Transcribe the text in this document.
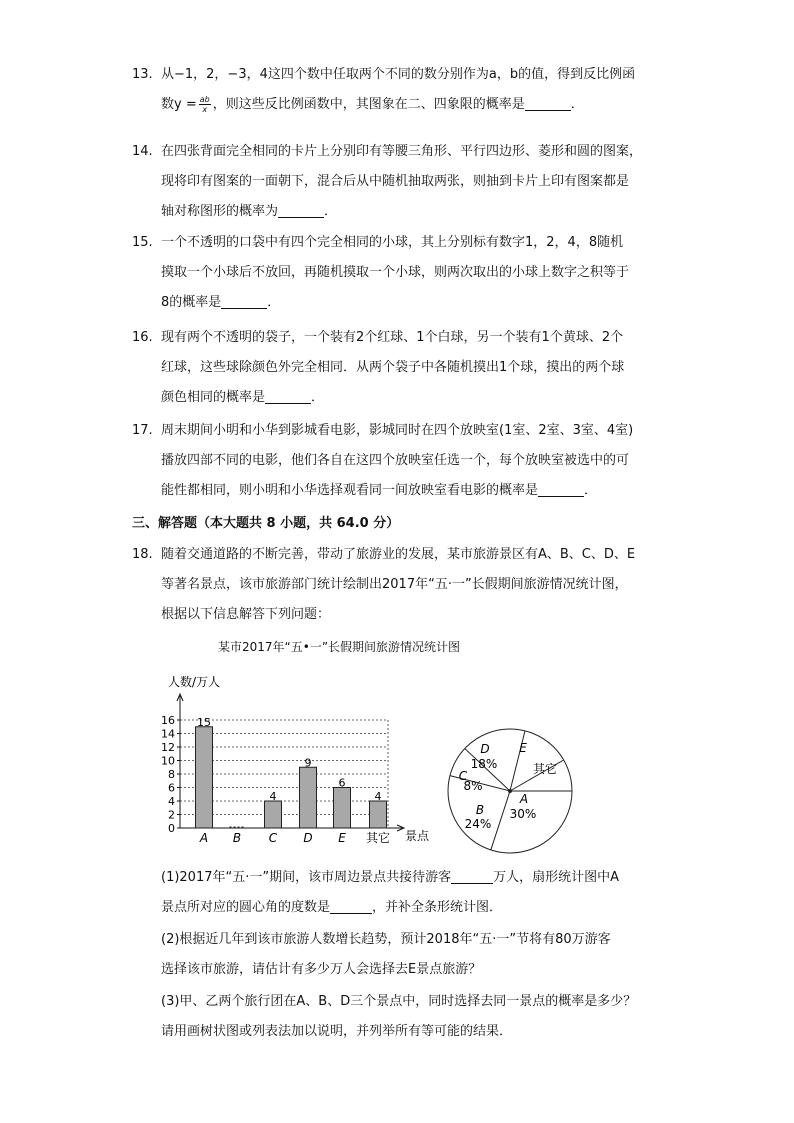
13. 从−1，2，−3，4这四个数中任取两个不同的数分别作为a，b的值，得到反比例函
数$y = \frac{ab}{x}$ ，则这些反比例函数中，其图象在二、四象限的概率是	．
14. 在四张背面完全相同的卡片上分别印有等腰三角形、平行四边形、菱形和圆的图案，
现将印有图案的一面朝下，混合后从中随机抽取两张，则抽到卡片上印有图案都是
轴对称图形的概率为	．
15. 一个不透明的口袋中有四个完全相同的小球，其上分别标有数字1，2，4，8随机
摸取一个小球后不放回，再随机摸取一个小球，则两次取出的小球上数字之积等于
8的概率是	．
16. 现有两个不透明的袋子，一个装有2个红球、1个白球，另一个装有1个黄球、2个
红球，这些球除颜色外完全相同．从两个袋子中各随机摸出1个球，摸出的两个球
颜色相同的概率是	．
17. 周末期间小明和小华到影城看电影，影城同时在四个放映室(1室、2室、3室、4室)
播放四部不同的电影，他们各自在这四个放映室任选一个，每个放映室被选中的可
能性都相同，则小明和小华选择观看同一间放映室看电影的概率是	．
三、解答题（本大题共 8 小题，共 64.0 分）
18. 随着交通道路的不断完善，带动了旅游业的发展，某市旅游景区有A、B、C、D、E
等著名景点，该市旅游部门统计绘制出2017年“五·一”长假期间旅游情况统计图，
根据以下信息解答下列问题：
某市2017年“五•一”长假期间旅游情况统计图
0
2
4
6
8
10
12
14
16
人数/万人
景点
15
A B
4
C
9
D
6
E
4
其它
A
30%
B
24%
C
8%
D
18%
E
其它
(1)2017年“五·一”期间，该市周边景点共接待游客	万人，扇形统计图中A
景点所对应的圆心角的度数是	，并补全条形统计图．
(2)根据近几年到该市旅游人数增长趋势，预计2018年“五·一”节将有80万游客
选择该市旅游，请估计有多少万人会选择去E景点旅游？
(3)甲、乙两个旅行团在A、B、D三个景点中，同时选择去同一景点的概率是多少？
请用画树状图或列表法加以说明，并列举所有等可能的结果．
